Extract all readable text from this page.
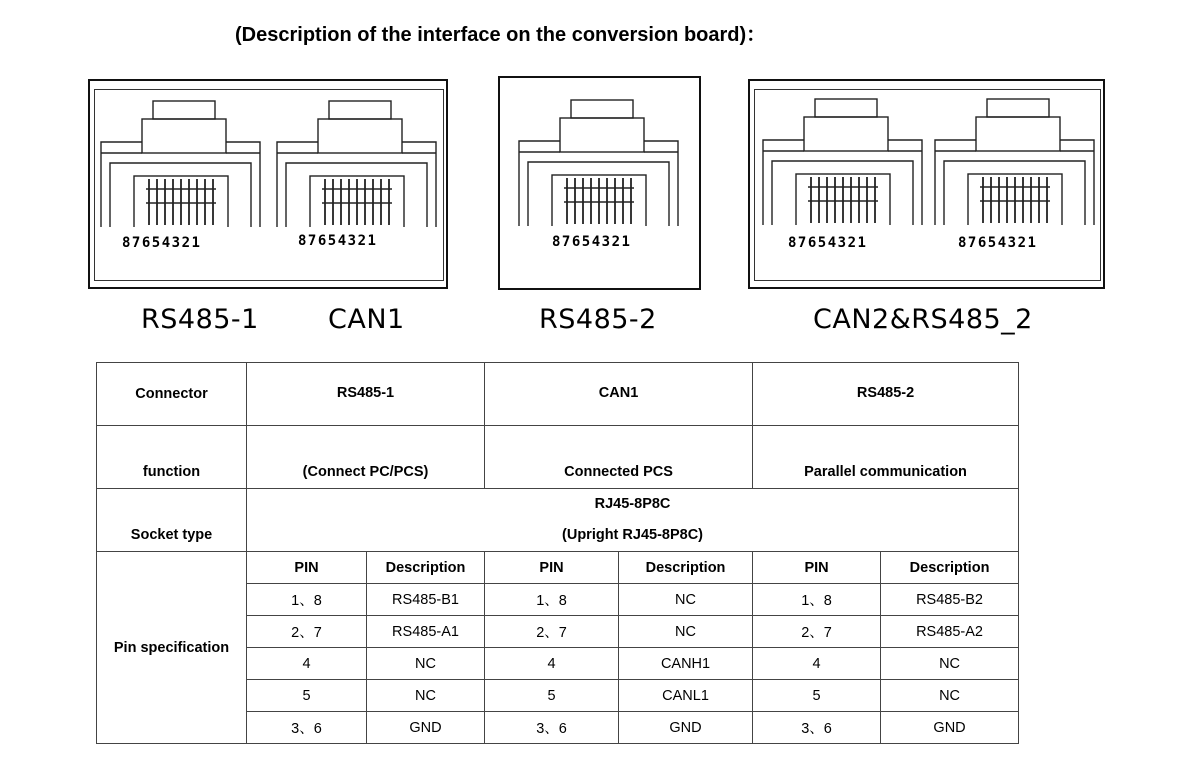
(Description of the interface on the conversion board)：
87654321	87654321	87654321	87654321	87654321
RS485-1	CAN1	RS485-2	CAN2&RS485_2
Connector	RS485-1		CAN1		RS485-2	
function	(Connect PC/PCS)		Connected PCS		Parallel communication	
Socket type	RJ45-8P8C
(Upright RJ45-8P8C)					

Pin specification	PIN	Description	PIN	Description	PIN	Description
	1、8	RS485-B1	1、8	NC	1、8	RS485-B2
	2、7	RS485-A1	2、7	NC	2、7	RS485-A2
	4	NC	4	CANH1	4	NC
	5	NC	5	CANL1	5	NC
	3、6	GND	3、6	GND	3、6	GND
